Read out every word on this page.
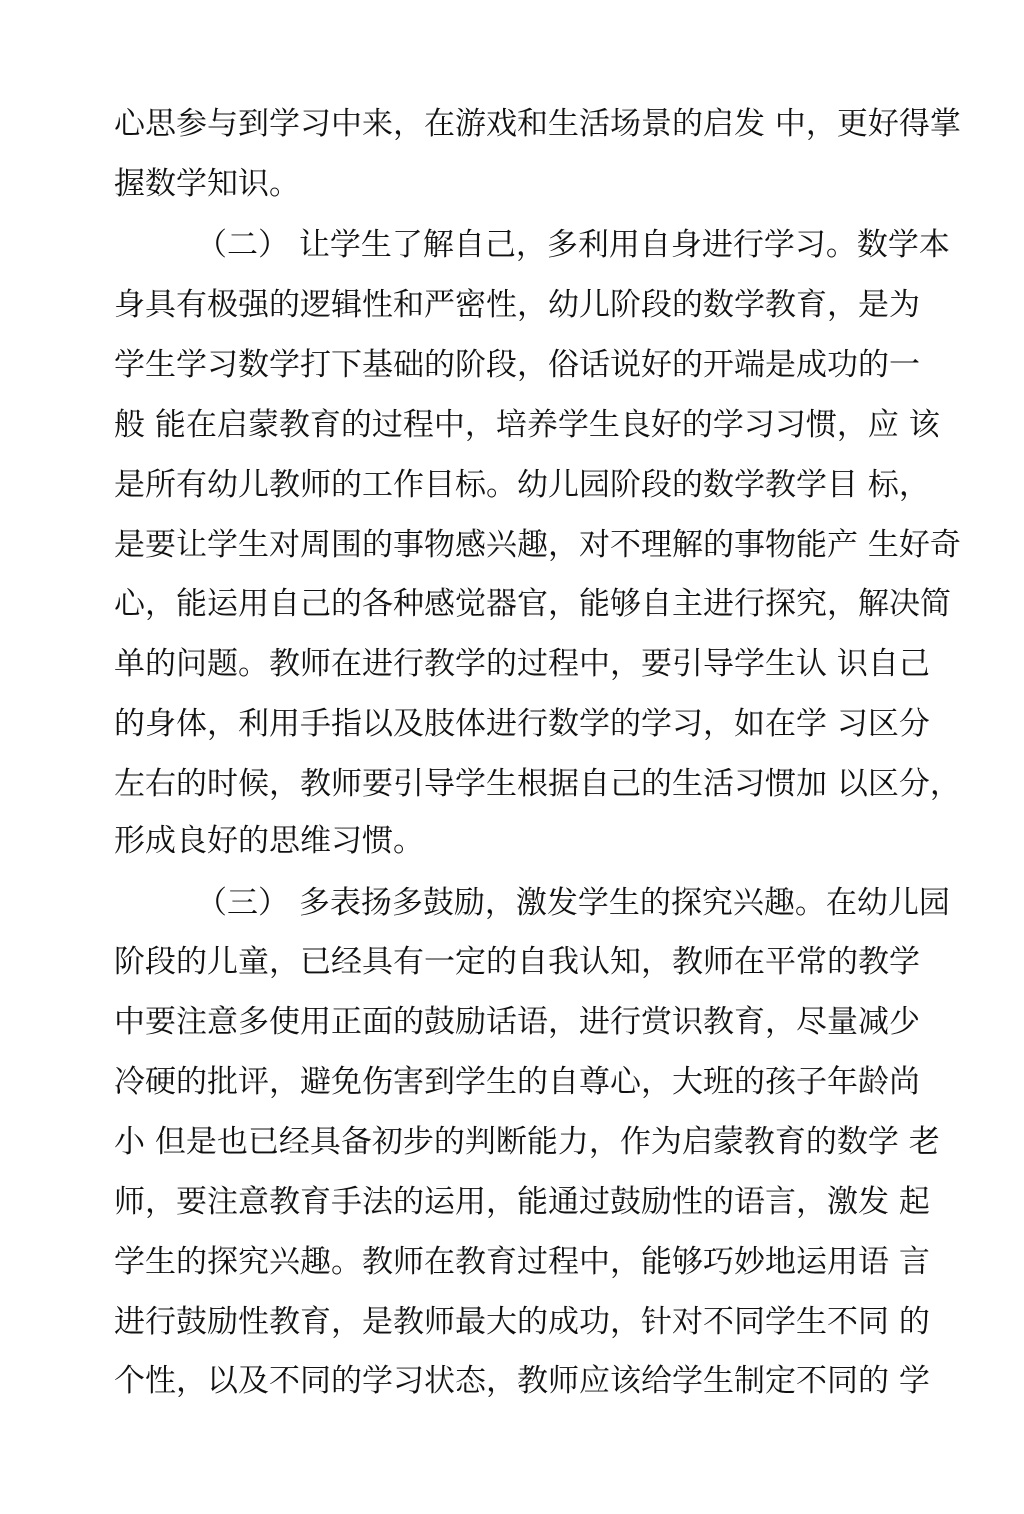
心思参与到学习中来，在游戏和生活场景的启发 中，更好得掌
握数学知识。
（二） 让学生了解自己，多利用自身进行学习。数学本
身具有极强的逻辑性和严密性，幼儿阶段的数学教育，是为
学生学习数学打下基础的阶段，俗话说好的开端是成功的一
般 能在启蒙教育的过程中，培养学生良好的学习习惯，应 该
是所有幼儿教师的工作目标。幼儿园阶段的数学教学目 标，
是要让学生对周围的事物感兴趣，对不理解的事物能产 生好奇
心，能运用自己的各种感觉器官，能够自主进行探究，解决简
单的问题。教师在进行教学的过程中，要引导学生认 识自己
的身体，利用手指以及肢体进行数学的学习，如在学 习区分
左右的时候，教师要引导学生根据自己的生活习惯加 以区分，
形成良好的思维习惯。
（三） 多表扬多鼓励，激发学生的探究兴趣。在幼儿园
阶段的儿童，已经具有一定的自我认知，教师在平常的教学
中要注意多使用正面的鼓励话语，进行赏识教育，尽量减少
冷硬的批评，避免伤害到学生的自尊心，大班的孩子年龄尚
小 但是也已经具备初步的判断能力，作为启蒙教育的数学 老
师，要注意教育手法的运用，能通过鼓励性的语言，激发 起
学生的探究兴趣。教师在教育过程中，能够巧妙地运用语 言
进行鼓励性教育，是教师最大的成功，针对不同学生不同 的
个性，以及不同的学习状态，教师应该给学生制定不同的 学
